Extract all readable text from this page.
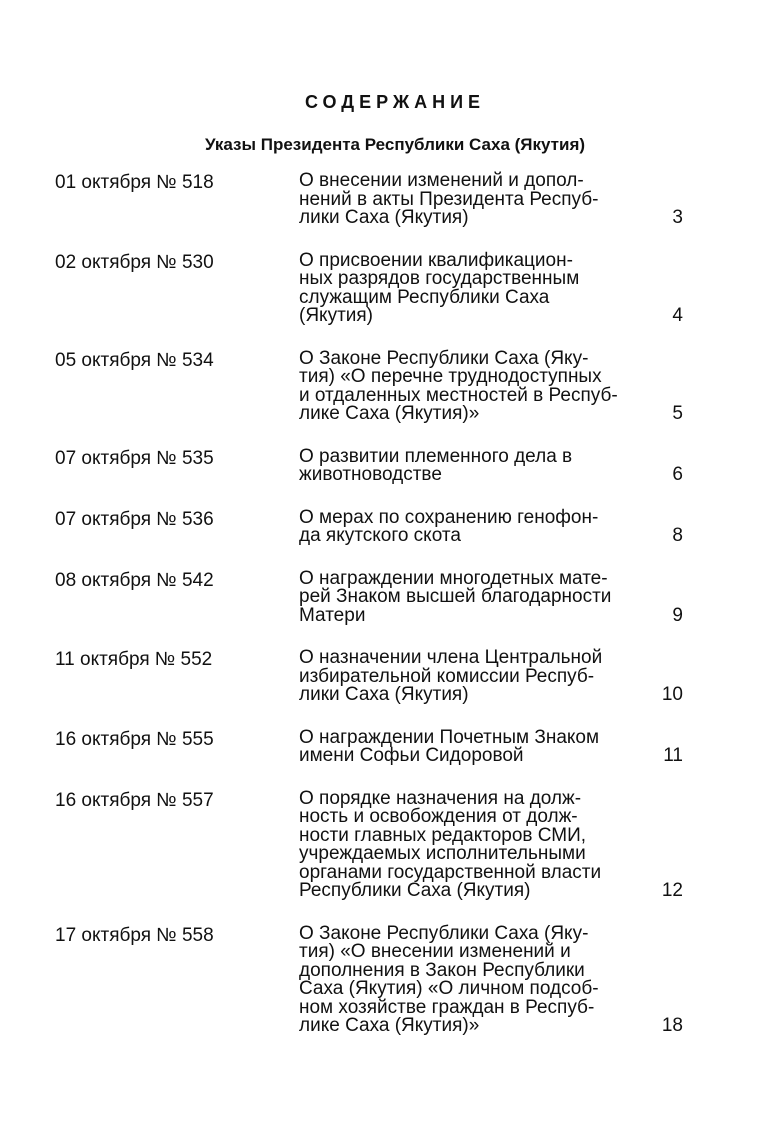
СОДЕРЖАНИЕ
Указы Президента Республики Саха (Якутия)
01 октября № 518	О внесении изменений и допол-
нений в акты Президента Респуб-
лики Саха (Якутия)	3
02 октября № 530	О присвоении квалификацион-
ных разрядов государственным
служащим Республики Саха
(Якутия)	4
05 октября № 534	О Законе Республики Саха (Яку-
тия) «О перечне труднодоступных
и отдаленных местностей в Респуб-
лике Саха (Якутия)»	5
07 октября № 535	О развитии племенного дела в
животноводстве	6
07 октября № 536	О мерах по сохранению генофон-
да якутского скота	8
08 октября № 542	О награждении многодетных мате-
рей Знаком высшей благодарности
Матери	9
11 октября № 552	О назначении члена Центральной
избирательной комиссии Респуб-
лики Саха (Якутия)	10
16 октября № 555	О награждении Почетным Знаком
имени Софьи Сидоровой	11
16 октября № 557	О порядке назначения на долж-
ность и освобождения от долж-
ности главных редакторов СМИ,
учреждаемых исполнительными
органами государственной власти
Республики Саха (Якутия)	12
17 октября № 558	О Законе Республики Саха (Яку-
тия) «О внесении изменений и
дополнения в Закон Республики
Саха (Якутия) «О личном подсоб-
ном хозяйстве граждан в Респуб-
лике Саха (Якутия)»	18
